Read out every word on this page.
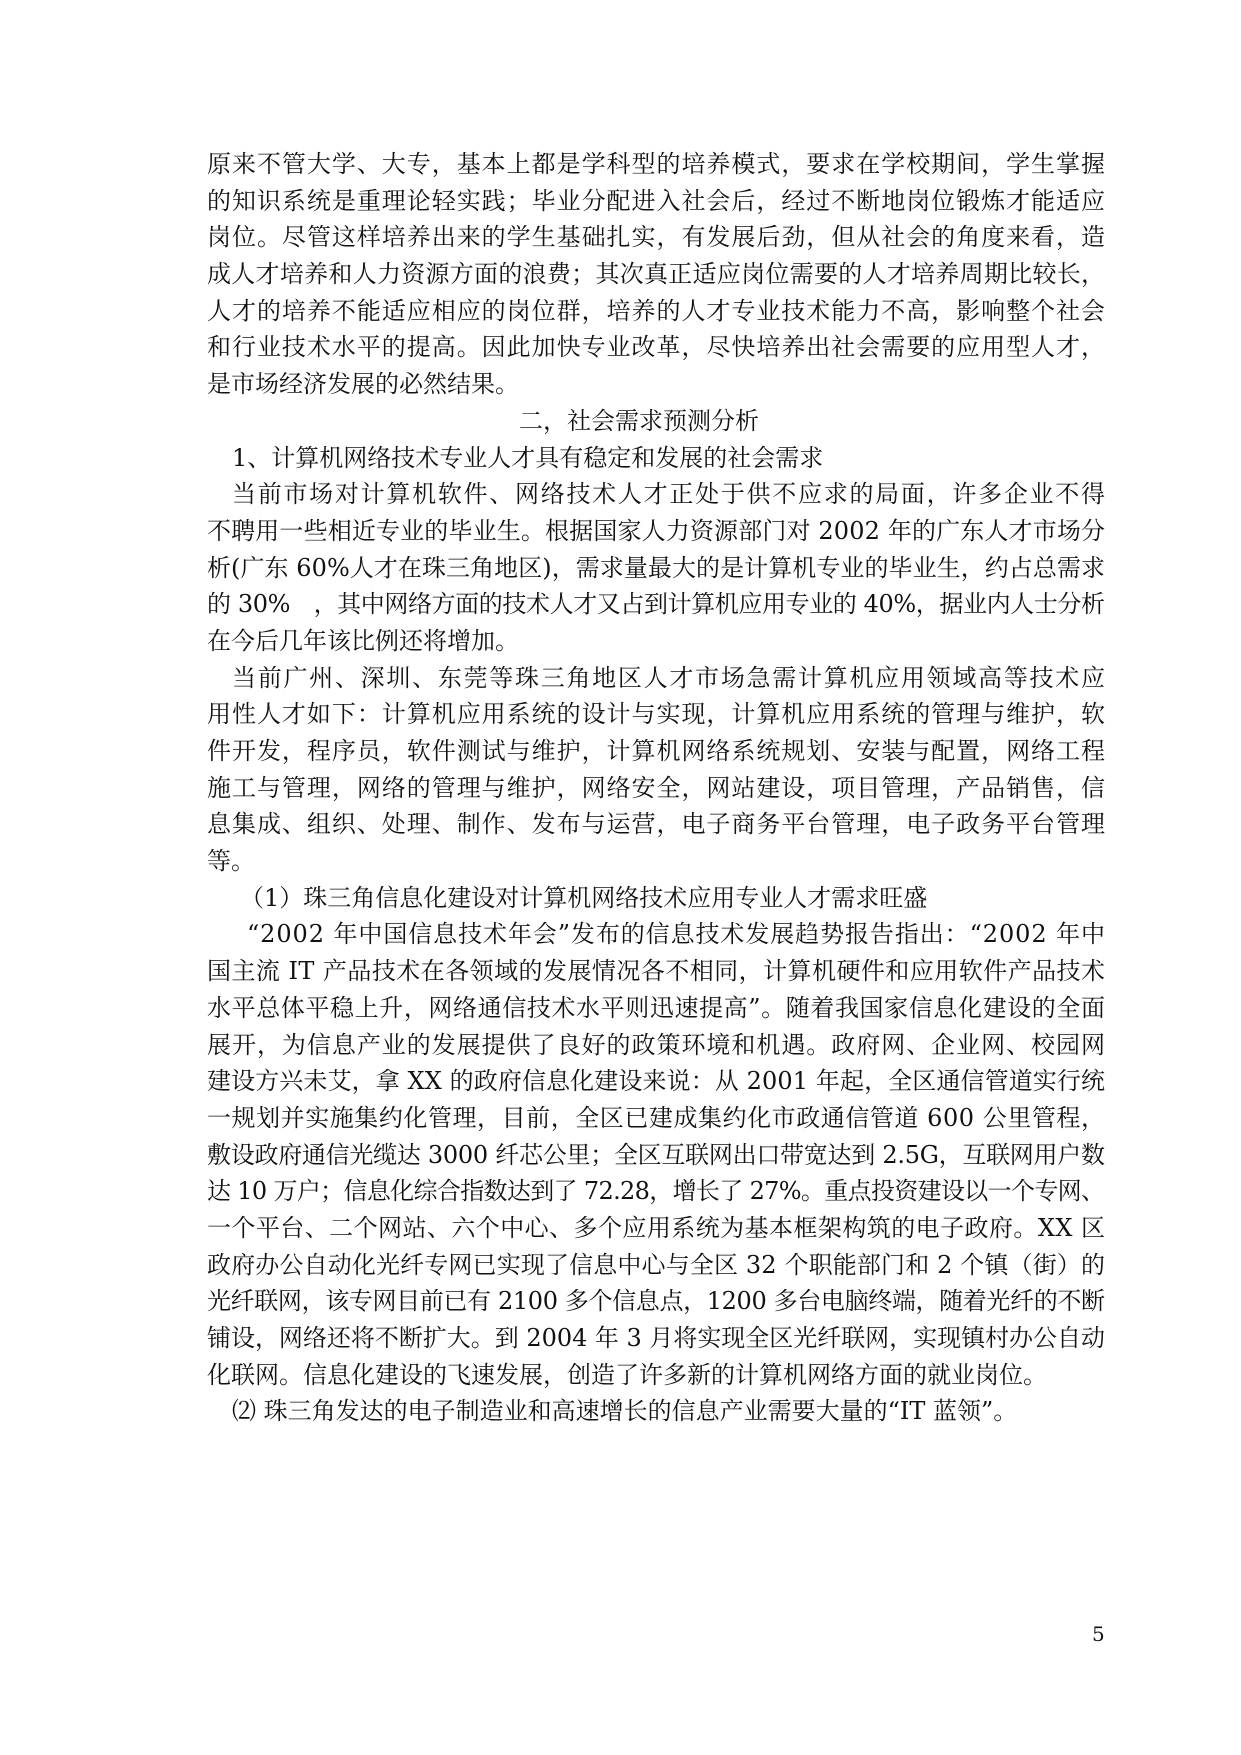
原来不管大学、大专，基本上都是学科型的培养模式，要求在学校期间，学生掌握
的知识系统是重理论轻实践；毕业分配进入社会后，经过不断地岗位锻炼才能适应
岗位。尽管这样培养出来的学生基础扎实，有发展后劲，但从社会的角度来看，造
成人才培养和人力资源方面的浪费；其次真正适应岗位需要的人才培养周期比较长，
人才的培养不能适应相应的岗位群，培养的人才专业技术能力不高，影响整个社会
和行业技术水平的提高。因此加快专业改革，尽快培养出社会需要的应用型人才，
是市场经济发展的必然结果。
二，社会需求预测分析
1、计算机网络技术专业人才具有稳定和发展的社会需求
当前市场对计算机软件、网络技术人才正处于供不应求的局面，许多企业不得
不聘用一些相近专业的毕业生。根据国家人力资源部门对 2002 年的广东人才市场分
析(广东 60%人才在珠三角地区)，需求量最大的是计算机专业的毕业生，约占总需求
的 30%　，其中网络方面的技术人才又占到计算机应用专业的 40%，据业内人士分析
在今后几年该比例还将增加。
当前广州、深圳、东莞等珠三角地区人才市场急需计算机应用领域高等技术应
用性人才如下：计算机应用系统的设计与实现，计算机应用系统的管理与维护，软
件开发，程序员，软件测试与维护，计算机网络系统规划、安装与配置，网络工程
施工与管理，网络的管理与维护，网络安全，网站建设，项目管理，产品销售，信
息集成、组织、处理、制作、发布与运营，电子商务平台管理，电子政务平台管理
等。
（1）珠三角信息化建设对计算机网络技术应用专业人才需求旺盛
“2002 年中国信息技术年会”发布的信息技术发展趋势报告指出：“2002 年中
国主流 IT 产品技术在各领域的发展情况各不相同，计算机硬件和应用软件产品技术
水平总体平稳上升，网络通信技术水平则迅速提高”。随着我国家信息化建设的全面
展开，为信息产业的发展提供了良好的政策环境和机遇。政府网、企业网、校园网
建设方兴未艾，拿 XX 的政府信息化建设来说：从 2001 年起，全区通信管道实行统
一规划并实施集约化管理，目前，全区已建成集约化市政通信管道 600 公里管程，
敷设政府通信光缆达 3000 纤芯公里；全区互联网出口带宽达到 2.5G，互联网用户数
达 10 万户；信息化综合指数达到了 72.28，增长了 27%。重点投资建设以一个专网、
一个平台、二个网站、六个中心、多个应用系统为基本框架构筑的电子政府。XX 区
政府办公自动化光纤专网已实现了信息中心与全区 32 个职能部门和 2 个镇（街）的
光纤联网，该专网目前已有 2100 多个信息点，1200 多台电脑终端，随着光纤的不断
铺设，网络还将不断扩大。到 2004 年 3 月将实现全区光纤联网，实现镇村办公自动
化联网。信息化建设的飞速发展，创造了许多新的计算机网络方面的就业岗位。
⑵ 珠三角发达的电子制造业和高速增长的信息产业需要大量的“IT 蓝领”。
5
